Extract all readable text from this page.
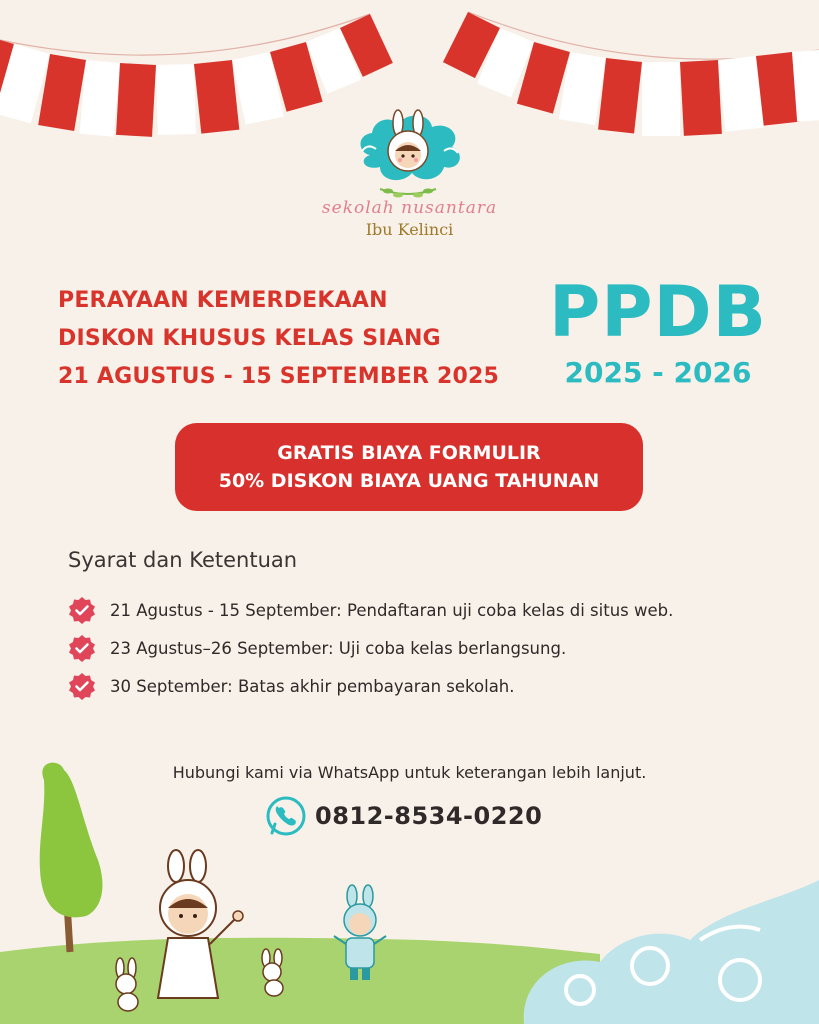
sekolah nusantara
Ibu Kelinci
PERAYAAN KEMERDEKAAN
DISKON KHUSUS KELAS SIANG
21 AGUSTUS - 15 SEPTEMBER 2025
PPDB
2025 - 2026
GRATIS BIAYA FORMULIR
50% DISKON BIAYA UANG TAHUNAN
Syarat dan Ketentuan
21 Agustus - 15 September: Pendaftaran uji coba kelas di situs web.
23 Agustus–26 September: Uji coba kelas berlangsung.
30 September: Batas akhir pembayaran sekolah.
Hubungi kami via WhatsApp untuk keterangan lebih lanjut.
0812-8534-0220
